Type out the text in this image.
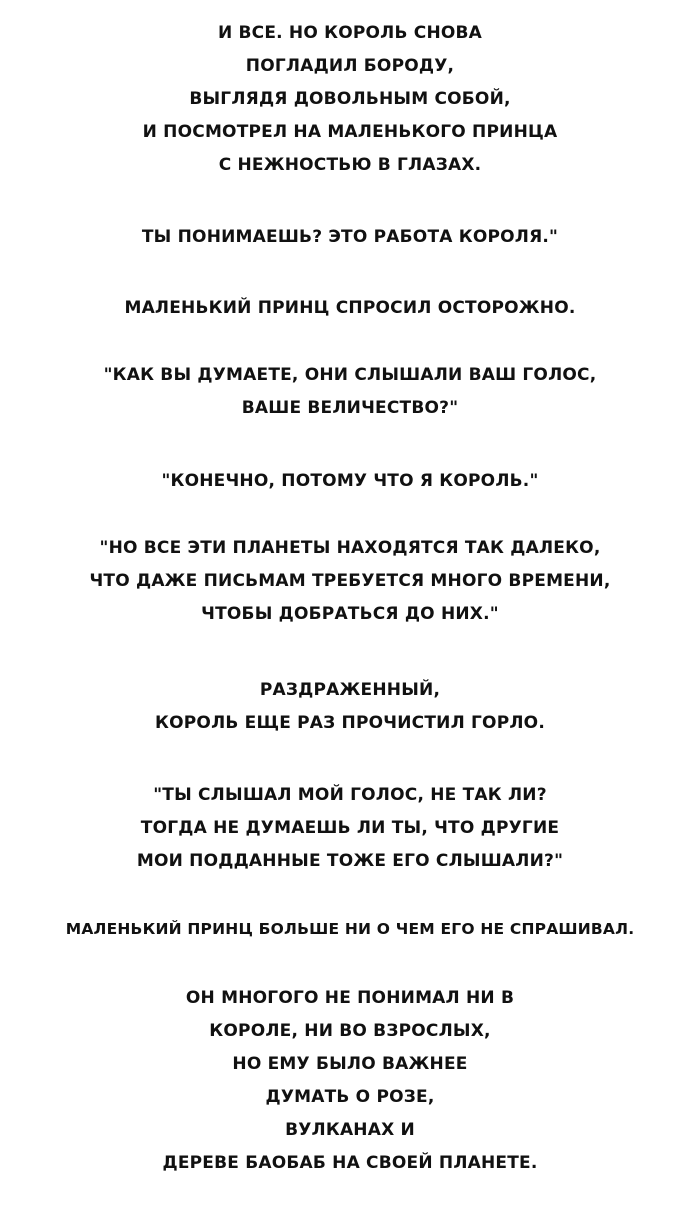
И ВСЕ. НО КОРОЛЬ СНОВА
ПОГЛАДИЛ БОРОДУ,
ВЫГЛЯДЯ ДОВОЛЬНЫМ СОБОЙ,
И ПОСМОТРЕЛ НА МАЛЕНЬКОГО ПРИНЦА
С НЕЖНОСТЬЮ В ГЛАЗАХ.
ТЫ ПОНИМАЕШЬ? ЭТО РАБОТА КОРОЛЯ."
МАЛЕНЬКИЙ ПРИНЦ СПРОСИЛ ОСТОРОЖНО.
"КАК ВЫ ДУМАЕТЕ, ОНИ СЛЫШАЛИ ВАШ ГОЛОС,
ВАШЕ ВЕЛИЧЕСТВО?"
"КОНЕЧНО, ПОТОМУ ЧТО Я КОРОЛЬ."
"НО ВСЕ ЭТИ ПЛАНЕТЫ НАХОДЯТСЯ ТАК ДАЛЕКО,
ЧТО ДАЖЕ ПИСЬМАМ ТРЕБУЕТСЯ МНОГО ВРЕМЕНИ,
ЧТОБЫ ДОБРАТЬСЯ ДО НИХ."
РАЗДРАЖЕННЫЙ,
КОРОЛЬ ЕЩЕ РАЗ ПРОЧИСТИЛ ГОРЛО.
"ТЫ СЛЫШАЛ МОЙ ГОЛОС, НЕ ТАК ЛИ?
ТОГДА НЕ ДУМАЕШЬ ЛИ ТЫ, ЧТО ДРУГИЕ
МОИ ПОДДАННЫЕ ТОЖЕ ЕГО СЛЫШАЛИ?"
МАЛЕНЬКИЙ ПРИНЦ БОЛЬШЕ НИ О ЧЕМ ЕГО НЕ СПРАШИВАЛ.
ОН МНОГОГО НЕ ПОНИМАЛ НИ В
КОРОЛЕ, НИ ВО ВЗРОСЛЫХ,
НО ЕМУ БЫЛО ВАЖНЕЕ
ДУМАТЬ О РОЗЕ,
ВУЛКАНАХ И
ДЕРЕВЕ БАОБАБ НА СВОЕЙ ПЛАНЕТЕ.
